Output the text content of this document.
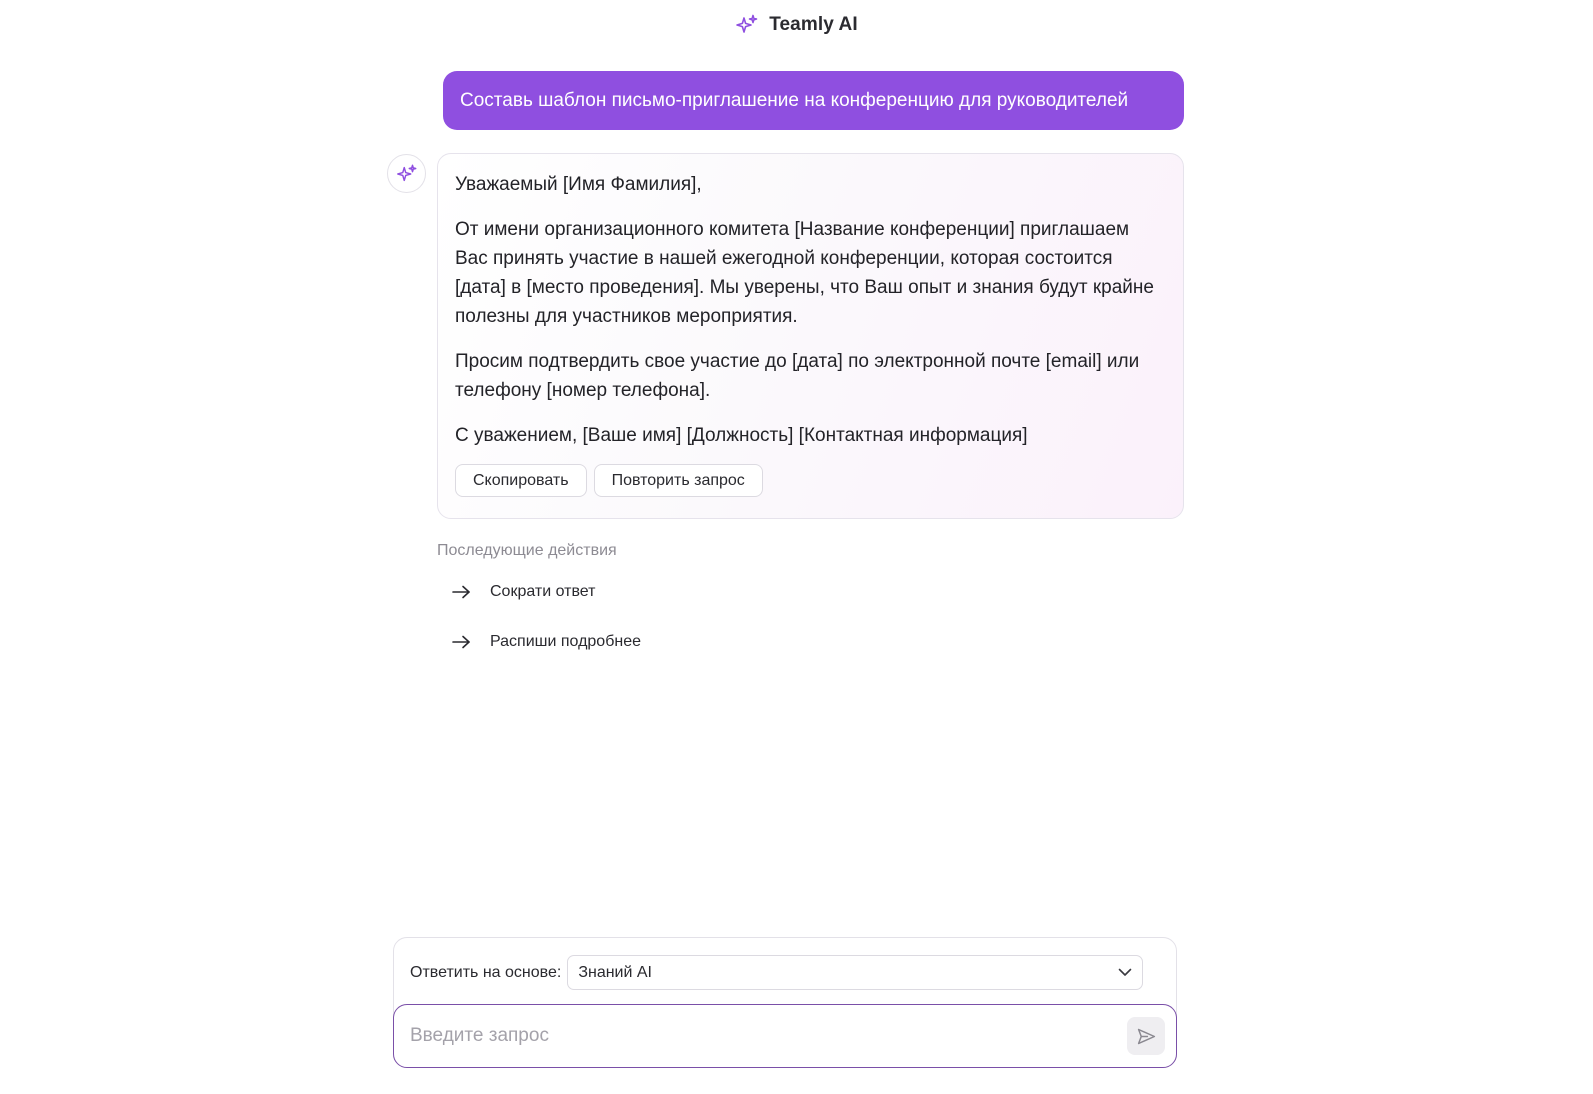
Teamly AI
Составь шаблон письмо-приглашение на конференцию для руководителей

Уважаемый [Имя Фамилия],

От имени организационного комитета [Название конференции] приглашаем Вас принять участие в нашей ежегодной конференции, которая состоится [дата] в [место проведения]. Мы уверены, что Ваш опыт и знания будут крайне полезны для участников мероприятия.

Просим подтвердить свое участие до [дата] по электронной почте [email] или телефону [номер телефона].

С уважением, [Ваше имя] [Должность] [Контактная информация]

Скопировать	Повторить запрос
Последующие действия
Сократи ответ
Распиши подробнее
Ответить на основе: Знаний AI
Введите запрос
